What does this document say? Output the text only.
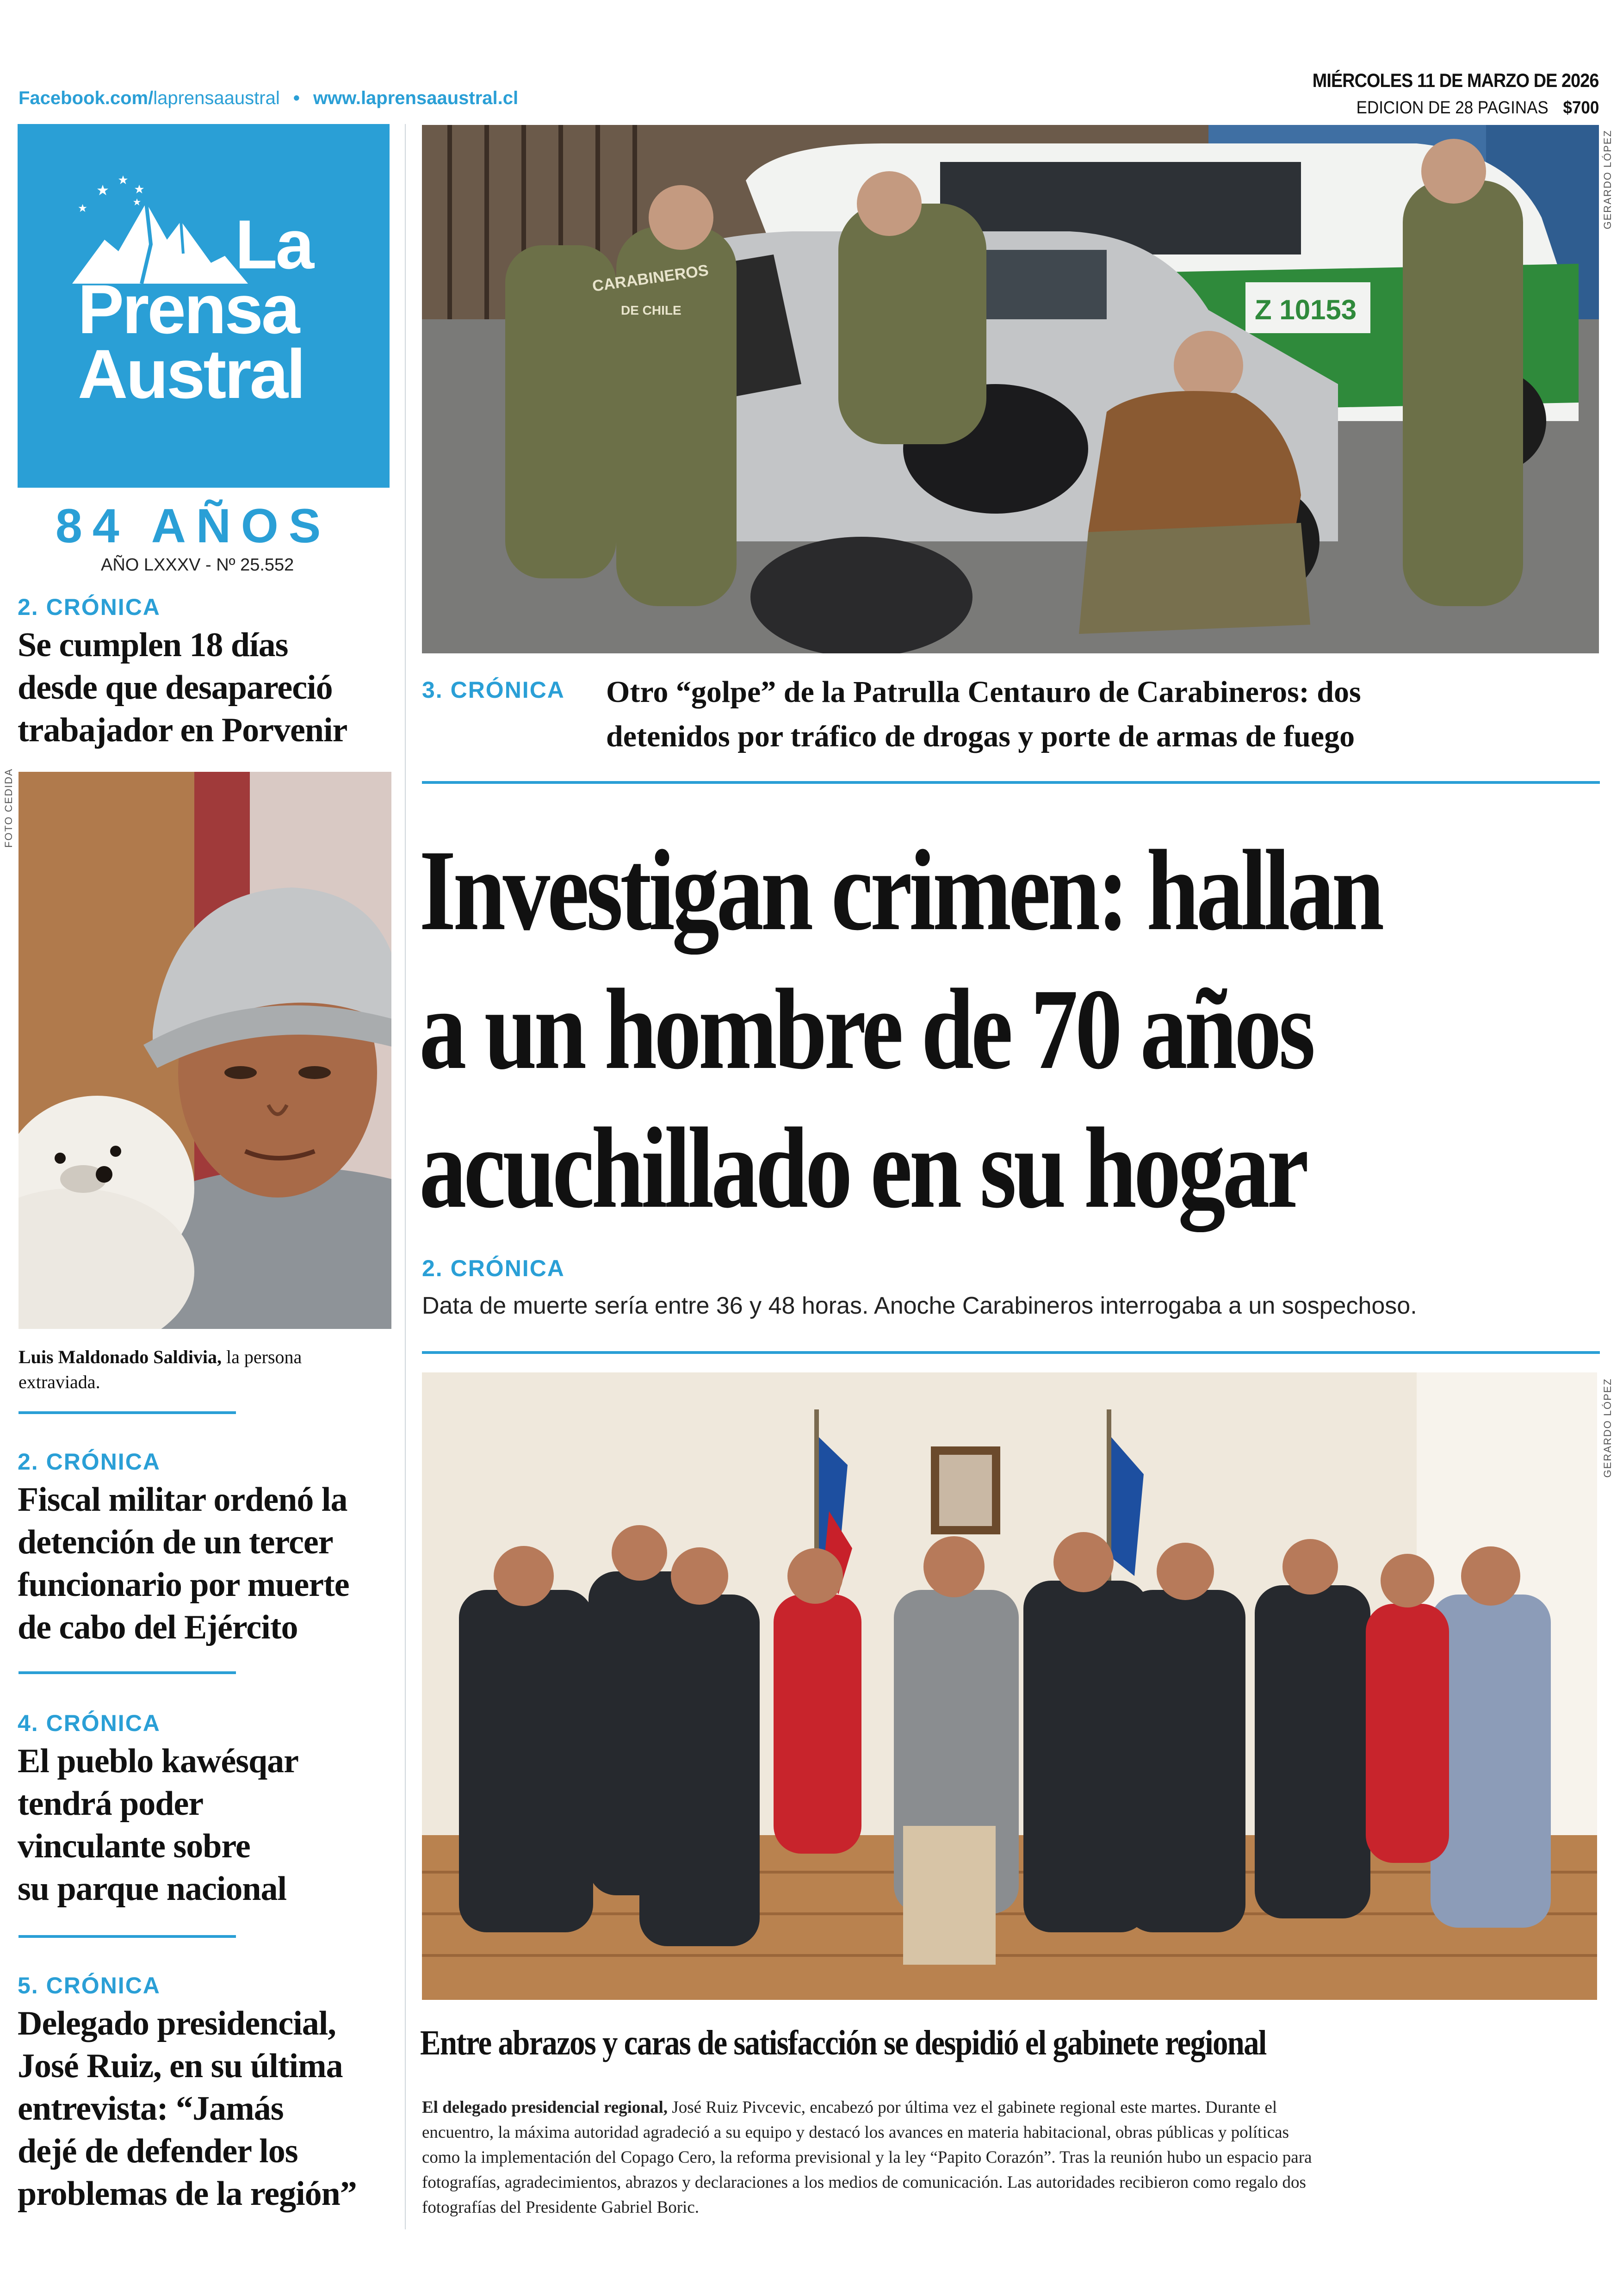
Facebook.com/laprensaaustral • www.laprensaaustral.cl
MIÉRCOLES 11 DE MARZO DE 2026
EDICION DE 28 PAGINAS $700
La
Prensa
Austral
84 AÑOS
AÑO LXXXV - Nº 25.552
2. CRÓNICA
Se cumplen 18 días
desde que desapareció
trabajador en Porvenir
FOTO CEDIDA
Luis Maldonado Saldivia, la persona
extraviada.
2. CRÓNICA
Fiscal militar ordenó la
detención de un tercer
funcionario por muerte
de cabo del Ejército
4. CRÓNICA
El pueblo kawésqar
tendrá poder
vinculante sobre
su parque nacional
5. CRÓNICA
Delegado presidencial,
José Ruiz, en su última
entrevista: “Jamás
dejé de defender los
problemas de la región”
CARABINEROS
DE CHILE	Z 10153
GERARDO LÓPEZ
3. CRÓNICA Otro “golpe” de la Patrulla Centauro de Carabineros: dos
detenidos por tráfico de drogas y porte de armas de fuego
Investigan crimen: hallan
a un hombre de 70 años
acuchillado en su hogar
2. CRÓNICA
Data de muerte sería entre 36 y 48 horas. Anoche Carabineros interrogaba a un sospechoso.
GERARDO LÓPEZ
Entre abrazos y caras de satisfacción se despidió el gabinete regional
El delegado presidencial regional, José Ruiz Pivcevic, encabezó por última vez el gabinete regional este martes. Durante el
encuentro, la máxima autoridad agradeció a su equipo y destacó los avances en materia habitacional, obras públicas y políticas
como la implementación del Copago Cero, la reforma previsional y la ley “Papito Corazón”. Tras la reunión hubo un espacio para
fotografías, agradecimientos, abrazos y declaraciones a los medios de comunicación. Las autoridades recibieron como regalo dos
fotografías del Presidente Gabriel Boric.
